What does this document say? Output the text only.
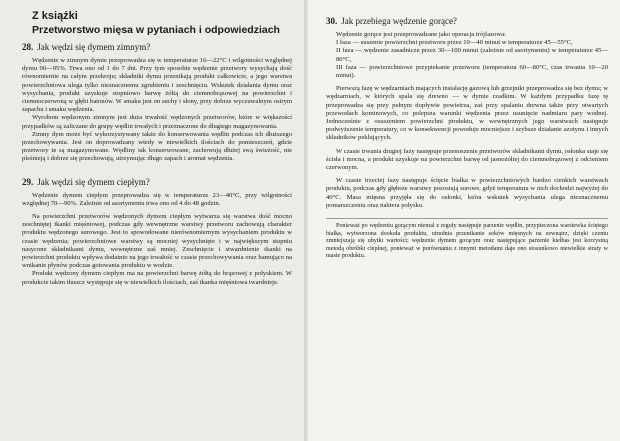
Z książki
Przetworstwo mięsa w pytaniach i odpowiedziach
28. Jak wędzi się dymem zimnym?

Wędzenie w zimnym dymie przeprowadza się w temperaturze 16—22°C i wilgotności względnej dymu 90—95%. Trwa ono od 1 do 7 dni. Przy tym sposobie wędzenie przetwory wysychają dość równomiernie na całym przekroju; składniki dymu przenikają produkt całkowicie, a jego warstwa powierzchniowa ulega tylko nieznacznemu zgrubieniu i zeschnięciu. Wskutek działania dymu oraz wysychania, produkt uzyskuje stopniowo barwę żółtą do ciemnobrązowej na powierzchni i ciemnoczerwoną w głębi batonów. W smaku jest on suchy i słony, przy dobrze wyczuwalnym ostrym zapachu i smaku wędzenia.

Wyrobom wędzonym zimnym jest duża trwałość wędzonych przetworów, które w większości przypadków są zaliczane do grupy wędlin trwałych i przeznaczone do długiego magazynowania.

Zimny dym może być wykorzystywany także do konserwowania wędlin podczas ich dłuższego przechowywania. Jest on doprowadzany wtedy w niewielkich ilościach do pomieszczeń, gdzie przetwory te są magazynowane. Wędliny tak konserwowane, zachowują dłużej swą świeżość, nie pleśnieją i dobrze się przechowują, utrzymując długo zapach i aromat wędzenia.

29. Jak wędzi się dymem ciepłym?

Wędzenie dymem ciepłym przeprowadza się w temperaturze 23—40°C, przy wilgotności względnej 70—90%. Zależnie od asortymentu trwa ono od 4 do 48 godzin.

Na powierzchni przetworów wędzonych dymem ciepłym wytwarza się warstwa dość mocno zeschniętej tkanki mięśniowej, podczas gdy wewnętrzne warstwy przetworu zachowują charakter produktu wędzonego surowego. Jest to spowodowane nierównomiernym wysychaniem produktu w czasie wędzenia; powierzchniowe warstwy są mocniej wysychnięte i w największym stopniu nasycone składnikami dymu, wewnętrzne zaś mniej. Zeschnięcie i stwardnienie tkanki na powierzchni produktu wpływa dodatnio na jego trwałość w czasie przechowywania oraz hamująco na wnikanie płynów podczas gotowania produktu w wodzie.

Produkt wędzony dymem ciepłym ma na powierzchni barwę żółtą do brązowej z połyskiem. W produkcie takim tłuszcz występuje się w niewielkich ilościach, zaś tkanka mięśniowa twardnieje.

30. Jak przebiega wędzenie gorące?

Wędzenie gorące jest przeprowadzane jako operacja trójfazowa:

I faza — suszenie powierzchni przetworu przez 10—40 minut w temperaturze 45—55°C,

II faza — wędzenie zasadnicze przez 30—100 minut (zależnie od asortymentu) w temperaturze 45—80°C,

III faza — powierzchniowe przypiekanie przetworu (temperatura 60—80°C, czas trwania 10—20 minut).

Pierwszą fazę w wędzarniach mających instalację gazową lub grzejniki przeprowadza się bez dymu; w wędzarniach, w których spala się drewno — w dymie rzadkim. W każdym przypadku fazę tę przeprowadza się przy pełnym dopływie powietrza, zaś przy spalaniu drewna także przy otwartych przewodach kominowych, co polepsza warunki wędzenia przez usunięcie nadmiaru pary wodnej. Jednocześnie z osuszeniem powierzchni produktu, w wewnętrznych jego warstwach następuje podwyższenie temperatury, co w konsekwencji powoduje mocniejsze i szybsze działanie azotynu i innych składników peklujących.

W czasie trwania drugiej fazy następuje przenoszenie przetworów składnikami dymu, osłonka staje się ścisła i mocna, a produkt uzyskuje na powierzchni barwę od jasnożółtej do ciemnobrązowej z odcieniem czerwonym.

W czasie trzeciej fazy następuje ścięcie białka w powierzchniowych bardzo cienkich warstwach produktu, podczas gdy głębsze warstwy pozostają surowe, gdyż temperatura w nich dochodzi najwyżej do 40°C. Masa mięsna przyjęła się do osłonki, która wskutek wysychania ulega nieznacznemu pomarszczeniu oraz nabiera połysku.

Ponieważ po wędzeniu gorącym niemal z reguły następuje parzenie wędlin, przypieczona warstewka ściętego białka, wytworzona dookoła produktu, utrudnia przenikanie soków mięsnych na zewnątrz, dzięki czemu zmniejszają się ubytki wartości; wędzenie dymem gorącym oraz następujące parzenie kiełbas jest korzystną metodą obróbki cieplnej, ponieważ w porównaniu z innymi metodami daje ono stosunkowo niewielkie straty w masie produktu.
